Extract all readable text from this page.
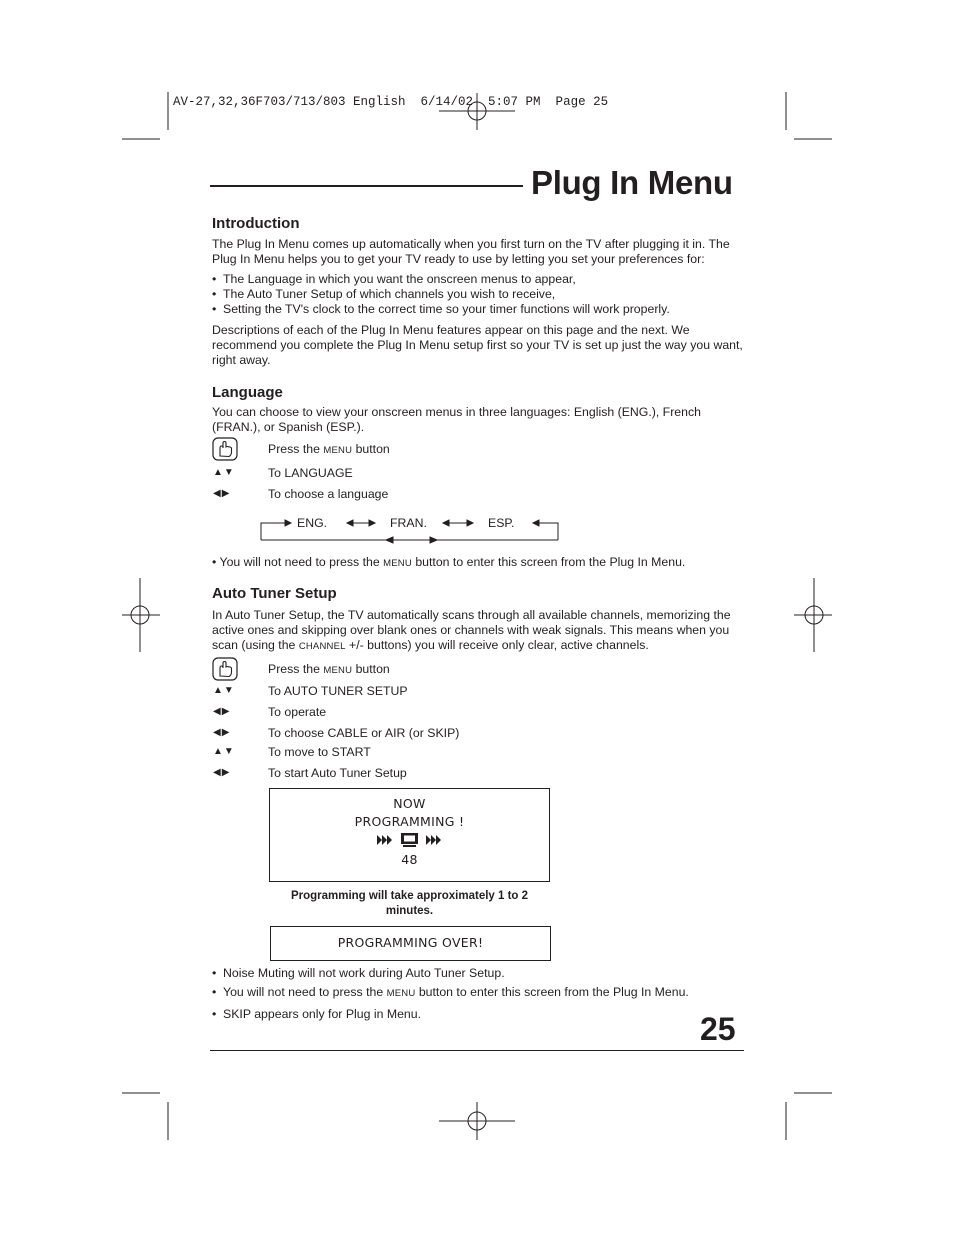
AV-27,32,36F703/713/803 English  6/14/02  5:07 PM  Page 25
Plug In Menu
Introduction
The Plug In Menu comes up automatically when you first turn on the TV after plugging it in. The Plug In Menu helps you to get your TV ready to use by letting you set your preferences for:
• The Language in which you want the onscreen menus to appear,
• The Auto Tuner Setup of which channels you wish to receive,
• Setting the TV's clock to the correct time so your timer functions will work properly.
Descriptions of each of the Plug In Menu features appear on this page and the next. We recommend you complete the Plug In Menu setup first so your TV is set up just the way you want, right away.
Language
You can choose to view your onscreen menus in three languages: English (ENG.), French (FRAN.), or Spanish (ESP.).
Press the MENU button
▲▼	To LANGUAGE
◀▶	To choose a language
ENG.	FRAN.	ESP.
• You will not need to press the MENU button to enter this screen from the Plug In Menu.
Auto Tuner Setup
In Auto Tuner Setup, the TV automatically scans through all available channels, memorizing the active ones and skipping over blank ones or channels with weak signals. This means when you scan (using the CHANNEL +/- buttons) you will receive only clear, active channels.
Press the MENU button
▲▼	To AUTO TUNER SETUP
◀▶	To operate
◀▶	To choose CABLE or AIR (or SKIP)
▲▼	To move to START
◀▶	To start Auto Tuner Setup
NOW
PROGRAMMING !
48
Programming will take approximately 1 to 2 minutes.
PROGRAMMING OVER!
• Noise Muting will not work during Auto Tuner Setup.
• You will not need to press the MENU button to enter this screen from the Plug In Menu.
• SKIP appears only for Plug in Menu.	25
